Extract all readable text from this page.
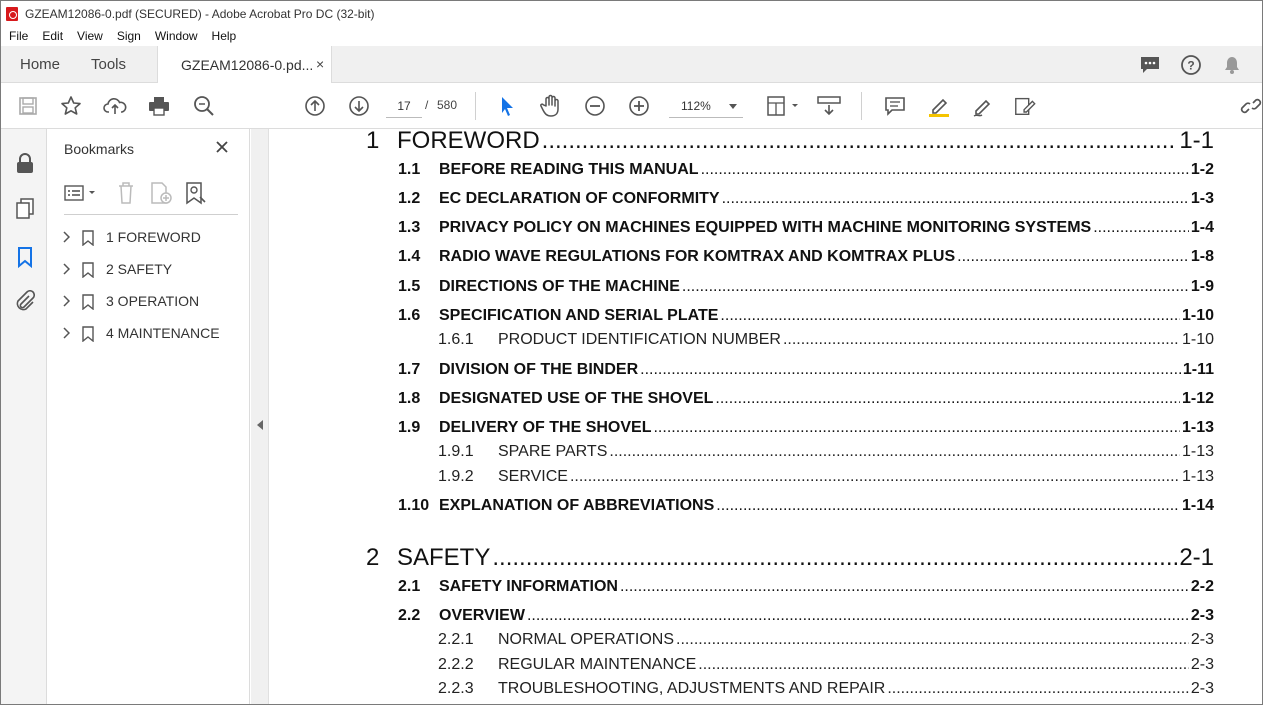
GZEAM12086-0.pdf (SECURED) - Adobe Acrobat Pro DC (32-bit)
File Edit View Sign Window Help
Home Tools	GZEAM12086-0.pd... ×	?
17	/ 580	112%
Bookmarks
1 FOREWORD
2 SAFETY
3 OPERATION
4 MAINTENANCE
1 FOREWORD .....	1-1
1.1	BEFORE READING THIS MANUAL .....	1-2
1.2	EC DECLARATION OF CONFORMITY .....	1-3
1.3	PRIVACY POLICY ON MACHINES EQUIPPED WITH MACHINE MONITORING SYSTEMS .....	1-4
1.4	RADIO WAVE REGULATIONS FOR KOMTRAX AND KOMTRAX PLUS .....	1-8
1.5	DIRECTIONS OF THE MACHINE .....	1-9
1.6	SPECIFICATION AND SERIAL PLATE .....	1-10
1.6.1	PRODUCT IDENTIFICATION NUMBER .....	1-10
1.7	DIVISION OF THE BINDER .....	1-11
1.8	DESIGNATED USE OF THE SHOVEL .....	1-12
1.9	DELIVERY OF THE SHOVEL .....	1-13
1.9.1	SPARE PARTS .....	1-13
1.9.2	SERVICE .....	1-13
1.10 EXPLANATION OF ABBREVIATIONS .....	1-14
2 SAFETY .....	2-1
2.1	SAFETY INFORMATION .....	2-2
2.2	OVERVIEW .....	2-3
2.2.1	NORMAL OPERATIONS .....	2-3
2.2.2	REGULAR MAINTENANCE .....	2-3
2.2.3	TROUBLESHOOTING, ADJUSTMENTS AND REPAIR .....	2-3
